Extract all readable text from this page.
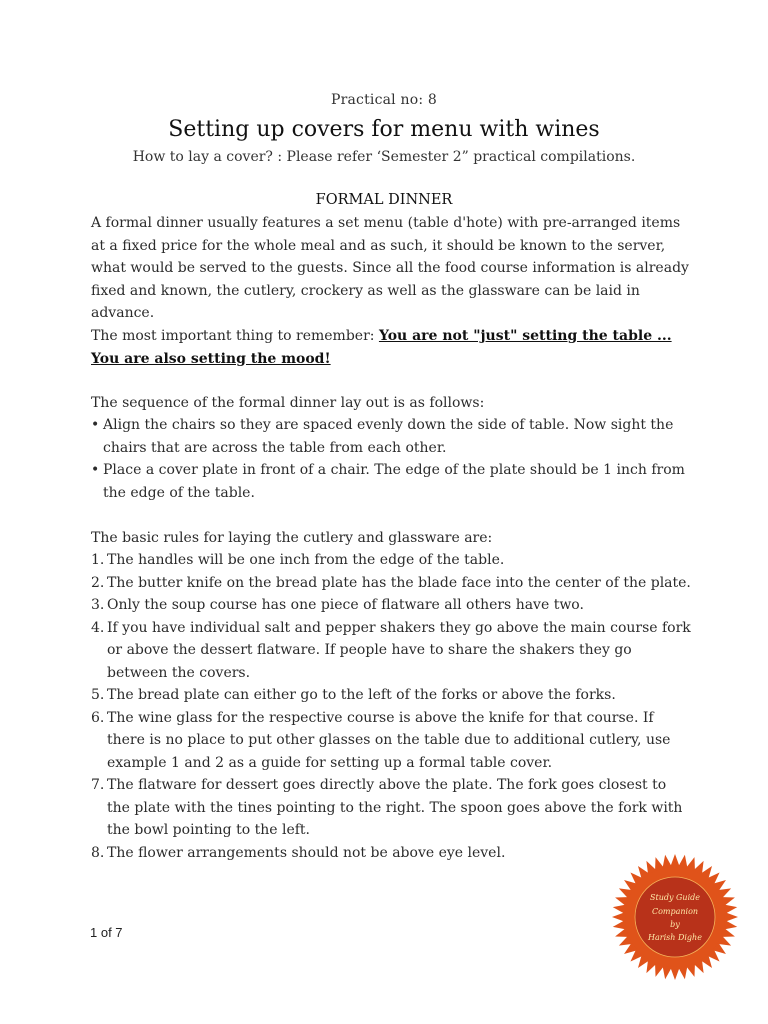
Practical no: 8
Setting up covers for menu with wines
How to lay a cover? : Please refer ‘Semester 2” practical compilations.
FORMAL DINNER
A formal dinner usually features a set menu (table d'hote) with pre-arranged items at a fixed price for the whole meal and as such, it should be known to the server, what would be served to the guests. Since all the food course information is already fixed and known, the cutlery, crockery as well as the glassware can be laid in advance.
The most important thing to remember: You are not "just" setting the table ... You are also setting the mood!
The sequence of the formal dinner lay out is as follows:
• Align the chairs so they are spaced evenly down the side of table. Now sight the chairs that are across the table from each other.
• Place a cover plate in front of a chair. The edge of the plate should be 1 inch from the edge of the table.
The basic rules for laying the cutlery and glassware are:
1. The handles will be one inch from the edge of the table.
2. The butter knife on the bread plate has the blade face into the center of the plate.
3. Only the soup course has one piece of flatware all others have two.
4. If you have individual salt and pepper shakers they go above the main course fork or above the dessert flatware. If people have to share the shakers they go between the covers.
5. The bread plate can either go to the left of the forks or above the forks.
6. The wine glass for the respective course is above the knife for that course. If there is no place to put other glasses on the table due to additional cutlery, use example 1 and 2 as a guide for setting up a formal table cover.
7. The flatware for dessert goes directly above the plate. The fork goes closest to the plate with the tines pointing to the right. The spoon goes above the fork with the bowl pointing to the left.
8. The flower arrangements should not be above eye level.
1 of 7
Study Guide
Companion
by
Harish Dighe
